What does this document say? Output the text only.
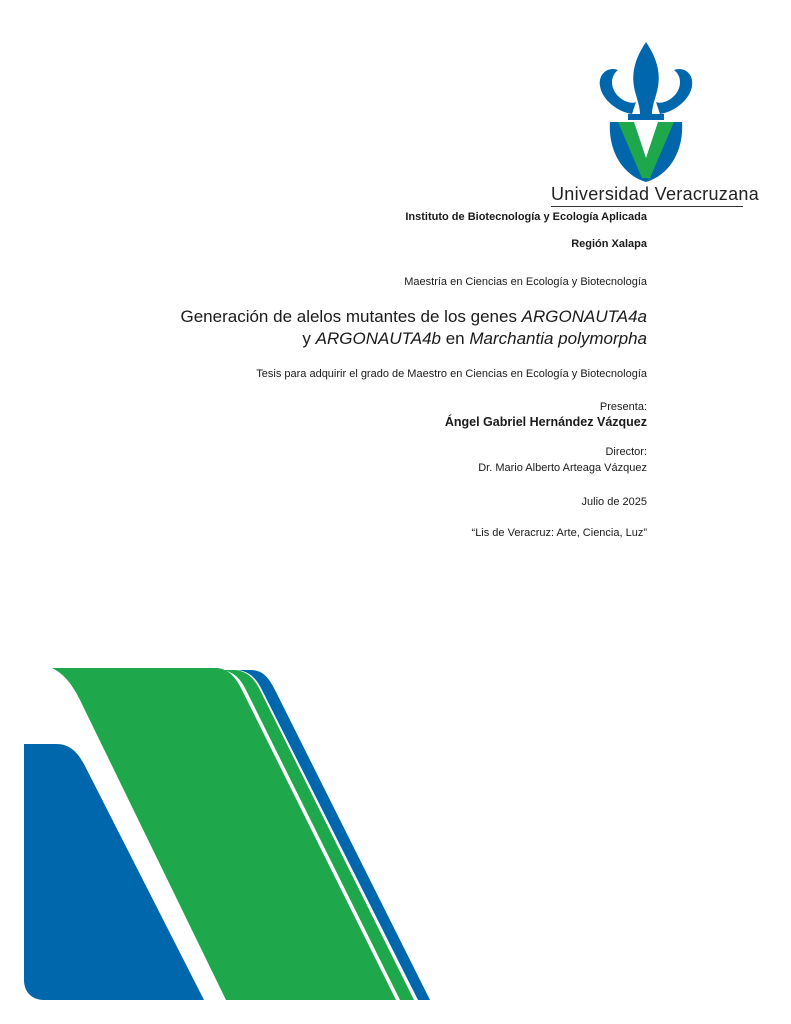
Universidad Veracruzana
Instituto de Biotecnología y Ecología Aplicada
Región Xalapa
Maestría en Ciencias en Ecología y Biotecnología
Generación de alelos mutantes de los genes ARGONAUTA4a
y ARGONAUTA4b en Marchantia polymorpha
Tesis para adquirir el grado de Maestro en Ciencias en Ecología y Biotecnología
Presenta:
Ángel Gabriel Hernández Vázquez
Director:
Dr. Mario Alberto Arteaga Vázquez
Julio de 2025
“Lis de Veracruz: Arte, Ciencia, Luz”
